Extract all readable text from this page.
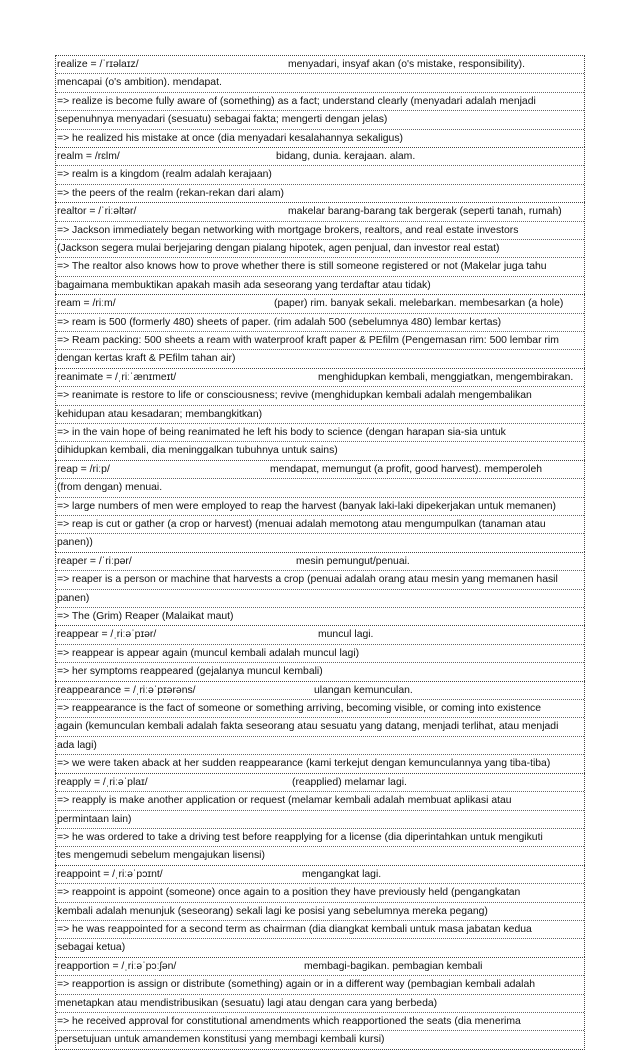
realize = /ˈrɪəlaɪz/	menyadari, insyaf akan (o's mistake, responsibility).
mencapai (o's ambition). mendapat.
=> realize is become fully aware of (something) as a fact; understand clearly (menyadari adalah menjadi
sepenuhnya menyadari (sesuatu) sebagai fakta; mengerti dengan jelas)
=> he realized his mistake at once (dia menyadari kesalahannya sekaligus)
realm = /rɛlm/	bidang, dunia. kerajaan. alam.
=> realm is a kingdom (realm adalah kerajaan)
=> the peers of the realm (rekan-rekan dari alam)
realtor = /ˈriːəltər/	makelar barang-barang tak bergerak (seperti tanah, rumah)
=> Jackson immediately began networking with mortgage brokers, realtors, and real estate investors
(Jackson segera mulai berjejaring dengan pialang hipotek, agen penjual, dan investor real estat)
=> The realtor also knows how to prove whether there is still someone registered or not (Makelar juga tahu
bagaimana membuktikan apakah masih ada seseorang yang terdaftar atau tidak)
ream = /riːm/	(paper) rim. banyak sekali. melebarkan. membesarkan (a hole)
=> ream is 500 (formerly 480) sheets of paper. (rim adalah 500 (sebelumnya 480) lembar kertas)
=> Ream packing: 500 sheets a ream with waterproof kraft paper & PEfilm (Pengemasan rim: 500 lembar rim
dengan kertas kraft & PEfilm tahan air)
reanimate = /ˌriːˈænɪmeɪt/	menghidupkan kembali, menggiatkan, mengembirakan.
=> reanimate is restore to life or consciousness; revive (menghidupkan kembali adalah mengembalikan
kehidupan atau kesadaran; membangkitkan)
=> in the vain hope of being reanimated he left his body to science (dengan harapan sia-sia untuk
dihidupkan kembali, dia meninggalkan tubuhnya untuk sains)
reap = /riːp/	mendapat, memungut (a profit, good harvest). memperoleh
(from dengan) menuai.
=> large numbers of men were employed to reap the harvest (banyak laki-laki dipekerjakan untuk memanen)
=> reap is cut or gather (a crop or harvest) (menuai adalah memotong atau mengumpulkan (tanaman atau
panen))
reaper = /ˈriːpər/	mesin pemungut/penuai.
=> reaper is a person or machine that harvests a crop (penuai adalah orang atau mesin yang memanen hasil
panen)
=> The (Grim) Reaper (Malaikat maut)
reappear = /ˌriːəˈpɪər/	muncul lagi.
=> reappear is appear again (muncul kembali adalah muncul lagi)
=> her symptoms reappeared (gejalanya muncul kembali)
reappearance = /ˌriːəˈpɪərəns/	ulangan kemunculan.
=> reappearance is the fact of someone or something arriving, becoming visible, or coming into existence
again (kemunculan kembali adalah fakta seseorang atau sesuatu yang datang, menjadi terlihat, atau menjadi
ada lagi)
=> we were taken aback at her sudden reappearance (kami terkejut dengan kemunculannya yang tiba-tiba)
reapply = /ˌriːəˈplaɪ/	(reapplied) melamar lagi.
=> reapply is make another application or request (melamar kembali adalah membuat aplikasi atau
permintaan lain)
=> he was ordered to take a driving test before reapplying for a license (dia diperintahkan untuk mengikuti
tes mengemudi sebelum mengajukan lisensi)
reappoint = /ˌriːəˈpɔɪnt/	mengangkat lagi.
=> reappoint is appoint (someone) once again to a position they have previously held (pengangkatan
kembali adalah menunjuk (seseorang) sekali lagi ke posisi yang sebelumnya mereka pegang)
=> he was reappointed for a second term as chairman (dia diangkat kembali untuk masa jabatan kedua
sebagai ketua)
reapportion = /ˌriːəˈpɔːʃən/	membagi-bagikan. pembagian kembali
=> reapportion is assign or distribute (something) again or in a different way (pembagian kembali adalah
menetapkan atau mendistribusikan (sesuatu) lagi atau dengan cara yang berbeda)
=> he received approval for constitutional amendments which reapportioned the seats (dia menerima
persetujuan untuk amandemen konstitusi yang membagi kembali kursi)
